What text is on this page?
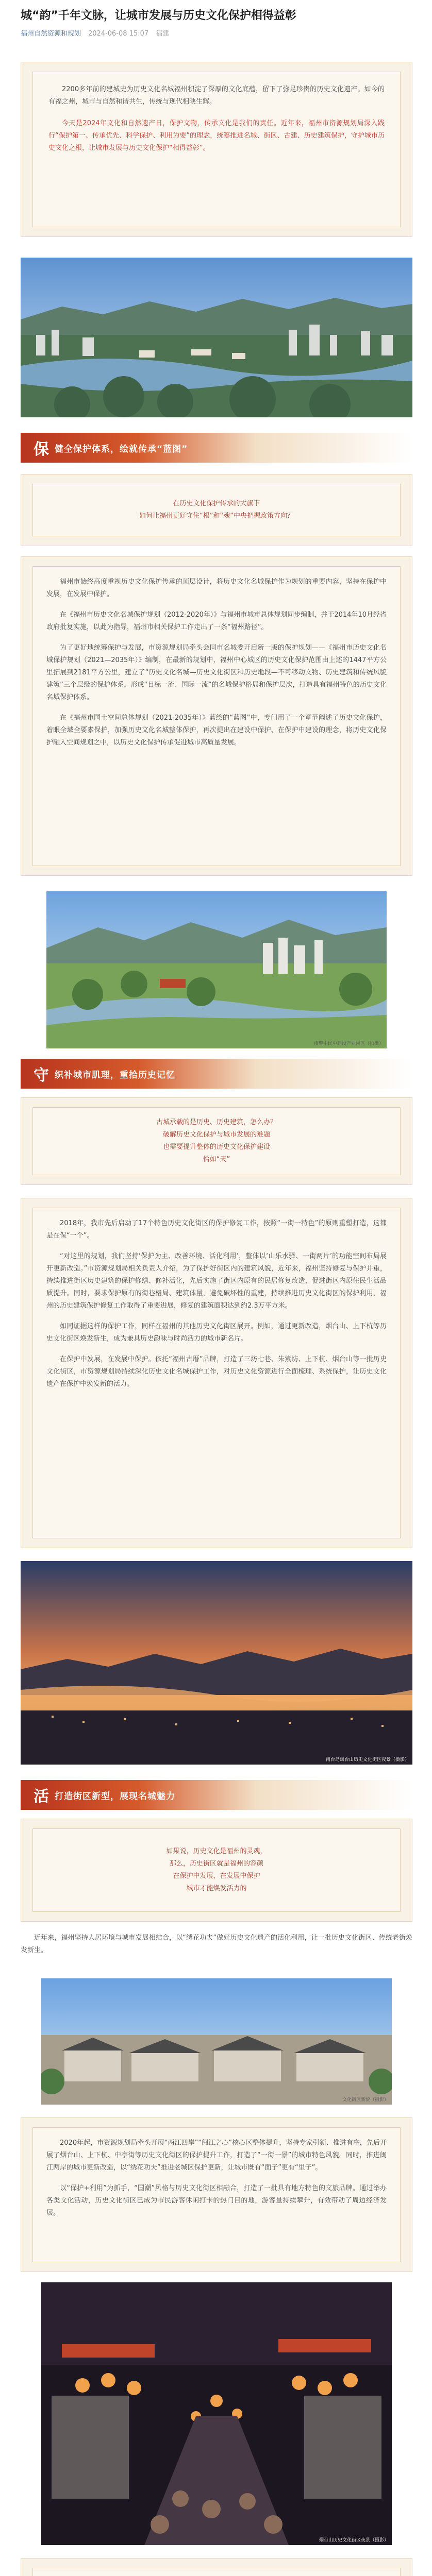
城“韵”千年文脉，让城市发展与历史文化保护相得益彰
福州自然资源和规划 2024-06-08 15:07 福建

2200多年前的建城史为历史文化名城福州积淀了深厚的文化底蕴，留下了弥足珍贵的历史文化遗产。如今的有福之州，城市与自然和谐共生，传统与现代相映生辉。

今天是2024年文化和自然遗产日，保护文物，传承文化是我们的责任。近年来，福州市资源规划局深入践行“保护第一、传承优先、科学保护、利用为要”的理念，统筹推进名城、街区、古建、历史建筑保护，守护城市历史文化之根，让城市发展与历史文化保护“相得益彰”。

保 健全保护体系，绘就传承“蓝图”

在历史文化保护传承的大旗下

如何让福州更好守住“根”和“魂”中央把握政策方向？

福州市始终高度重视历史文化保护传承的顶层设计，将历史文化名城保护作为规划的重要内容，坚持在保护中发展，在发展中保护。

在《福州市历史文化名城保护规划（2012-2020年）》与福州市城市总体规划同步编制，并于2014年10月经省政府批复实施，以此为指导，福州市相关保护工作走出了一条“福州路径”。

为了更好地统筹保护与发展，市资源规划局牵头会同市名城委开启新一版的保护规划——《福州市历史文化名城保护规划（2021—2035年）》编制，在最新的规划中，福州中心城区的历史文化保护范围由上述的1447平方公里拓展到2181平方公里，建立了“历史文化名城—历史文化街区和历史地段—不可移动文物、历史建筑和传统风貌建筑”三个层级的保护体系，形成“目标一流、国际一流”的名城保护格局和保护层次，打造具有福州特色的历史文化名城保护体系。

在《福州市国土空间总体规划（2021-2035年）》蓝绘的“蓝图”中，专门用了一个章节阐述了历史文化保护，着眼全域全要素保护，加强历史文化名城整体保护，再次提出在建设中保护、在保护中建设的理念，将历史文化保护融入空间规划之中，以历史文化保护传承促进城市高质量发展。

南警中民中建设产业园区（拍摄）
守 织补城市肌理，重拾历史记忆

古城承载的是历史、历史建筑，怎么办？

破解历史文化保护与城市发展的难题

也需要提升整体的历史文化保护建设

恰如“天”

2018年，我市先后启动了17个特色历史文化街区的保护修复工作，按照“一街一特色”的原则重塑打造，这都是在保“一个”。

“对这里的规划，我们坚持‘保护为主、改善环境、活化利用’，整体以‘山乐水驿、一街两片’的功能空间布局展开更新改造。”市资源规划局相关负责人介绍，为了保护好街区内的建筑风貌，近年来，福州坚持修复与保护并重，持续推进街区历史建筑的保护修缮、修补活化，先后实施了街区内原有的民居修复改造，促进街区内原住民生活品质提升。同时，要求保护原有的街巷格局、建筑体量，避免破坏性的重建，持续推进历史文化街区的保护利用，福州的历史建筑保护修复工作取得了重要进展，修复的建筑面积达到约2.3万平方米。

如同证据这样的保护工作，同样在福州的其他历史文化街区展开。例如，通过更新改造，烟台山、上下杭等历史文化街区焕发新生，成为兼具历史韵味与时尚活力的城市新名片。

在保护中发展，在发展中保护。依托“福州古厝”品牌，打造了三坊七巷、朱紫坊、上下杭、烟台山等一批历史文化街区，市资源规划局持续深化历史文化名城保护工作，对历史文化资源进行全面梳理、系统保护，让历史文化遗产在保护中焕发新的活力。

南台岛烟台山历史文化街区夜景（摄影）
活 打造街区新型，展现名城魅力

如果说，历史文化是福州的灵魂，

那么，历史街区就是福州的容颜

在保护中发展，在发展中保护

城市才能焕发活力的

近年来，福州坚持人居环境与城市发展相结合，以“绣花功夫”做好历史文化遗产的活化利用，让一批历史文化街区、传统老街焕发新生。
文化街区新貌（摄影）

2020年起，市资源规划局牵头开展“两江四岸”“闽江之心”核心区整体提升，坚持专家引领、推进有序，先后开展了烟台山、上下杭、中亭街等历史文化街区的保护提升工作，打造了“一街一景”的城市特色风貌。同时，推进闽江两岸的城市更新改造，以“绣花功夫”推进老城区保护更新，让城市既有“面子”更有“里子”。

以“保护+利用”为抓手，“国潮”风格与历史文化街区相融合，打造了一批具有地方特色的文旅品牌。通过举办各类文化活动，历史文化街区已成为市民游客休闲打卡的热门目的地，游客量持续攀升，有效带动了周边经济发展。

烟台山历史文化街区夜景（摄影）
